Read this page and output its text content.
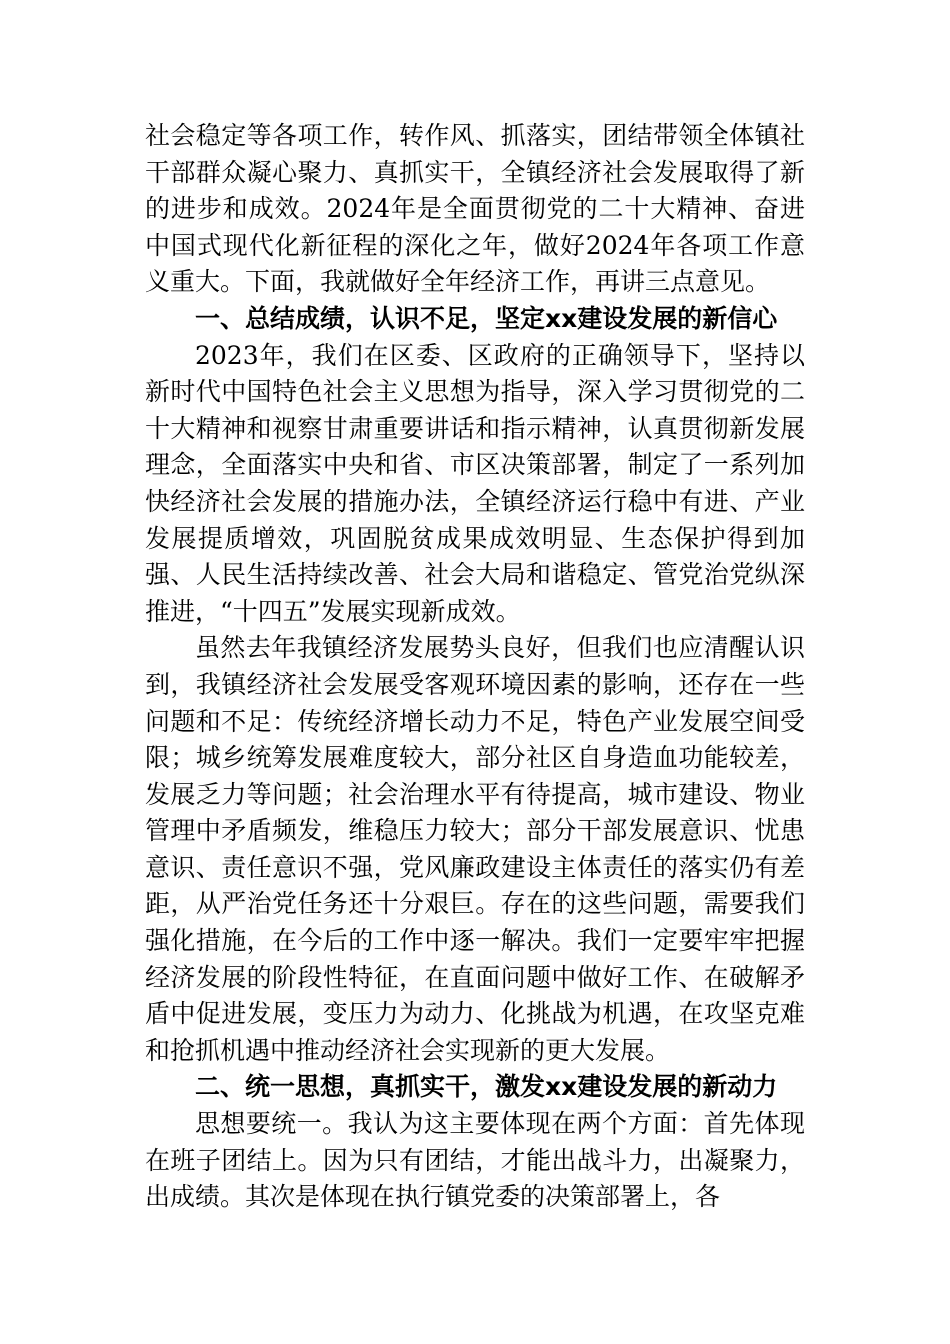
社会稳定等各项工作，转作风、抓落实，团结带领全体镇社干部群众凝心聚力、真抓实干，全镇经济社会发展取得了新的进步和成效。2024年是全面贯彻党的二十大精神、奋进中国式现代化新征程的深化之年，做好2024年各项工作意义重大。下面，我就做好全年经济工作，再讲三点意见。

一、总结成绩，认识不足，坚定xx建设发展的新信心

2023年，我们在区委、区政府的正确领导下，坚持以新时代中国特色社会主义思想为指导，深入学习贯彻党的二十大精神和视察甘肃重要讲话和指示精神，认真贯彻新发展理念，全面落实中央和省、市区决策部署，制定了一系列加快经济社会发展的措施办法，全镇经济运行稳中有进、产业发展提质增效，巩固脱贫成果成效明显、生态保护得到加强、人民生活持续改善、社会大局和谐稳定、管党治党纵深推进，“十四五”发展实现新成效。

虽然去年我镇经济发展势头良好，但我们也应清醒认识到，我镇经济社会发展受客观环境因素的影响，还存在一些问题和不足：传统经济增长动力不足，特色产业发展空间受限；城乡统筹发展难度较大，部分社区自身造血功能较差，发展乏力等问题；社会治理水平有待提高，城市建设、物业管理中矛盾频发，维稳压力较大；部分干部发展意识、忧患意识、责任意识不强，党风廉政建设主体责任的落实仍有差距，从严治党任务还十分艰巨。存在的这些问题，需要我们强化措施，在今后的工作中逐一解决。我们一定要牢牢把握经济发展的阶段性特征，在直面问题中做好工作、在破解矛盾中促进发展，变压力为动力、化挑战为机遇，在攻坚克难和抢抓机遇中推动经济社会实现新的更大发展。

二、统一思想，真抓实干，激发xx建设发展的新动力

思想要统一。我认为这主要体现在两个方面：首先体现在班子团结上。因为只有团结，才能出战斗力，出凝聚力，出成绩。其次是体现在执行镇党委的决策部署上，各
